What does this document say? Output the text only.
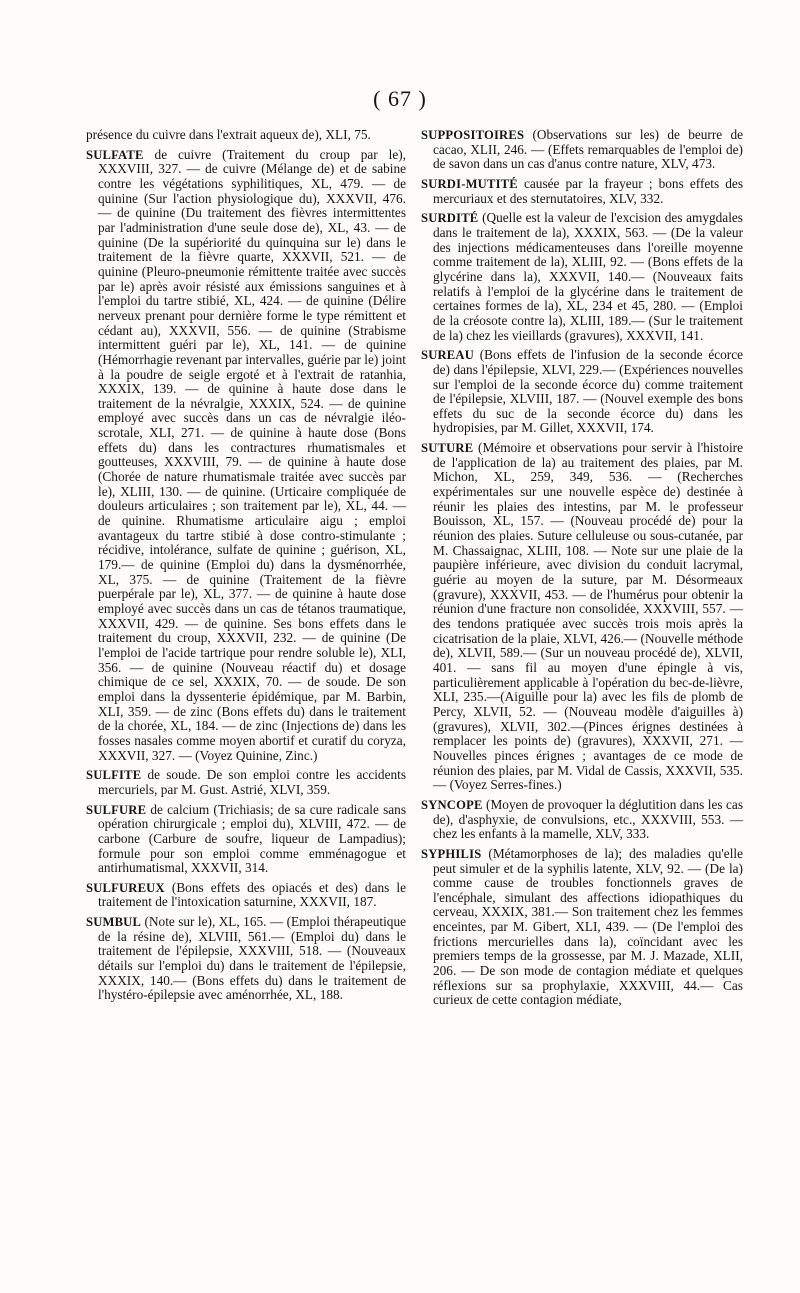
( 67 )

présence du cuivre dans l'extrait aqueux de), XLI, 75.

SULFATE de cuivre (Traitement du croup par le), XXXVIII, 327. — de cuivre (Mélange de) et de sabine contre les végétations syphilitiques, XL, 479. — de quinine (Sur l'action physiologique du), XXXVII, 476. — de quinine (Du traitement des fièvres intermittentes par l'administration d'une seule dose de), XL, 43. — de quinine (De la supériorité du quinquina sur le) dans le traitement de la fièvre quarte, XXXVII, 521. — de quinine (Pleuro-pneumonie rémittente traitée avec succès par le) après avoir résisté aux émissions sanguines et à l'emploi du tartre stibié, XL, 424. — de quinine (Délire nerveux prenant pour dernière forme le type rémittent et cédant au), XXXVII, 556. — de quinine (Strabisme intermittent guéri par le), XL, 141. — de quinine (Hémorrhagie revenant par intervalles, guérie par le) joint à la poudre de seigle ergoté et à l'extrait de ratanhia, XXXIX, 139. — de quinine à haute dose dans le traitement de la névralgie, XXXIX, 524. — de quinine employé avec succès dans un cas de névralgie iléo-scrotale, XLI, 271. — de quinine à haute dose (Bons effets du) dans les contractures rhumatismales et goutteuses, XXXVIII, 79. — de quinine à haute dose (Chorée de nature rhumatismale traitée avec succès par le), XLIII, 130. — de quinine. (Urticaire compliquée de douleurs articulaires ; son traitement par le), XL, 44. — de quinine. Rhumatisme articulaire aigu ; emploi avantageux du tartre stibié à dose contro-stimulante ; récidive, intolérance, sulfate de quinine ; guérison, XL, 179.— de quinine (Emploi du) dans la dysménorrhée, XL, 375. — de quinine (Traitement de la fièvre puerpérale par le), XL, 377. — de quinine à haute dose employé avec succès dans un cas de tétanos traumatique, XXXVII, 429. — de quinine. Ses bons effets dans le traitement du croup, XXXVII, 232. — de quinine (De l'emploi de l'acide tartrique pour rendre soluble le), XLI, 356. — de quinine (Nouveau réactif du) et dosage chimique de ce sel, XXXIX, 70. — de soude. De son emploi dans la dyssenterie épidémique, par M. Barbin, XLI, 359. — de zinc (Bons effets du) dans le traitement de la chorée, XL, 184. — de zinc (Injections de) dans les fosses nasales comme moyen abortif et curatif du coryza, XXXVII, 327. — (Voyez Quinine, Zinc.)

SULFITE de soude. De son emploi contre les accidents mercuriels, par M. Gust. Astrié, XLVI, 359.

SULFURE de calcium (Trichiasis; de sa cure radicale sans opération chirurgicale ; emploi du), XLVIII, 472. — de carbone (Carbure de soufre, liqueur de Lampadius); formule pour son emploi comme emménagogue et antirhumatismal, XXXVII, 314.

SULFUREUX (Bons effets des opiacés et des) dans le traitement de l'intoxication saturnine, XXXVII, 187.

SUMBUL (Note sur le), XL, 165. — (Emploi thérapeutique de la résine de), XLVIII, 561.— (Emploi du) dans le traitement de l'épilepsie, XXXVIII, 518. — (Nouveaux détails sur l'emploi du) dans le traitement de l'épilepsie, XXXIX, 140.— (Bons effets du) dans le traitement de l'hystéro-épilepsie avec aménorrhée, XL, 188.

SUPPOSITOIRES (Observations sur les) de beurre de cacao, XLII, 246. — (Effets remarquables de l'emploi de) de savon dans un cas d'anus contre nature, XLV, 473.

SURDI-MUTITÉ causée par la frayeur ; bons effets des mercuriaux et des sternutatoires, XLV, 332.

SURDITÉ (Quelle est la valeur de l'excision des amygdales dans le traitement de la), XXXIX, 563. — (De la valeur des injections médicamenteuses dans l'oreille moyenne comme traitement de la), XLIII, 92. — (Bons effets de la glycérine dans la), XXXVII, 140.— (Nouveaux faits relatifs à l'emploi de la glycérine dans le traitement de certaines formes de la), XL, 234 et 45, 280. — (Emploi de la créosote contre la), XLIII, 189.— (Sur le traitement de la) chez les vieillards (gravures), XXXVII, 141.

SUREAU (Bons effets de l'infusion de la seconde écorce de) dans l'épilepsie, XLVI, 229.— (Expériences nouvelles sur l'emploi de la seconde écorce du) comme traitement de l'épilepsie, XLVIII, 187. — (Nouvel exemple des bons effets du suc de la seconde écorce du) dans les hydropisies, par M. Gillet, XXXVII, 174.

SUTURE (Mémoire et observations pour servir à l'histoire de l'application de la) au traitement des plaies, par M. Michon, XL, 259, 349, 536. — (Recherches expérimentales sur une nouvelle espèce de) destinée à réunir les plaies des intestins, par M. le professeur Bouisson, XL, 157. — (Nouveau procédé de) pour la réunion des plaies. Suture celluleuse ou sous-cutanée, par M. Chassaignac, XLIII, 108. — Note sur une plaie de la paupière inférieure, avec division du conduit lacrymal, guérie au moyen de la suture, par M. Désormeaux (gravure), XXXVII, 453. — de l'humérus pour obtenir la réunion d'une fracture non consolidée, XXXVIII, 557. — des tendons pratiquée avec succès trois mois après la cicatrisation de la plaie, XLVI, 426.— (Nouvelle méthode de), XLVII, 589.— (Sur un nouveau procédé de), XLVII, 401. — sans fil au moyen d'une épingle à vis, particulièrement applicable à l'opération du bec-de-lièvre, XLI, 235.—(Aiguille pour la) avec les fils de plomb de Percy, XLVII, 52. — (Nouveau modèle d'aiguilles à) (gravures), XLVII, 302.—(Pinces érignes destinées à remplacer les points de) (gravures), XXXVII, 271. — Nouvelles pinces érignes ; avantages de ce mode de réunion des plaies, par M. Vidal de Cassis, XXXVII, 535. — (Voyez Serres-fines.)

SYNCOPE (Moyen de provoquer la déglutition dans les cas de), d'asphyxie, de convulsions, etc., XXXVIII, 553. — chez les enfants à la mamelle, XLV, 333.

SYPHILIS (Métamorphoses de la); des maladies qu'elle peut simuler et de la syphilis latente, XLV, 92. — (De la) comme cause de troubles fonctionnels graves de l'encéphale, simulant des affections idiopathiques du cerveau, XXXIX, 381.— Son traitement chez les femmes enceintes, par M. Gibert, XLI, 439. — (De l'emploi des frictions mercurielles dans la), coïncidant avec les premiers temps de la grossesse, par M. J. Mazade, XLII, 206. — De son mode de contagion médiate et quelques réflexions sur sa prophylaxie, XXXVIII, 44.— Cas curieux de cette contagion médiate,
